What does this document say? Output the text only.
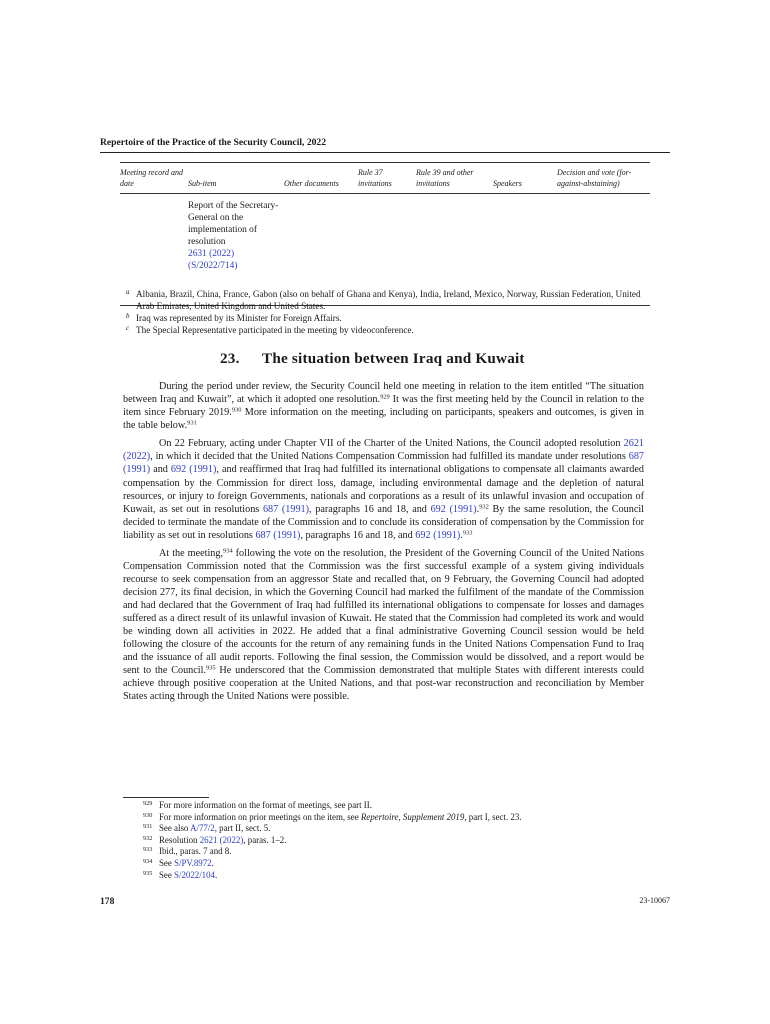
Repertoire of the Practice of the Security Council, 2022
Meeting record and date	Sub-item	Other documents	Rule 37 invitations	Rule 39 and other invitations	Speakers	Decision and vote (for-against-abstaining)
	Report of the Secretary-General on the implementation of resolution
2631 (2022)
(S/2022/714)					
a Albania, Brazil, China, France, Gabon (also on behalf of Ghana and Kenya), India, Ireland, Mexico, Norway, Russian Federation, United Arab Emirates, United Kingdom and United States.
b Iraq was represented by its Minister for Foreign Affairs.
c The Special Representative participated in the meeting by videoconference.
23. The situation between Iraq and Kuwait

During the period under review, the Security Council held one meeting in relation to the item entitled “The situation between Iraq and Kuwait”, at which it adopted one resolution.$^{929}$ It was the first meeting held by the Council in relation to the item since February 2019.$^{930}$ More information on the meeting, including on participants, speakers and outcomes, is given in the table below.$^{931}$

On 22 February, acting under Chapter VII of the Charter of the United Nations, the Council adopted resolution 2621 (2022), in which it decided that the United Nations Compensation Commission had fulfilled its mandate under resolutions 687 (1991) and 692 (1991), and reaffirmed that Iraq had fulfilled its international obligations to compensate all claimants awarded compensation by the Commission for direct loss, damage, including environmental damage and the depletion of natural resources, or injury to foreign Governments, nationals and corporations as a result of its unlawful invasion and occupation of Kuwait, as set out in resolutions 687 (1991), paragraphs 16 and 18, and 692 (1991).$^{932}$ By the same resolution, the Council decided to terminate the mandate of the Commission and to conclude its consideration of compensation by the Commission for liability as set out in resolutions 687 (1991), paragraphs 16 and 18, and 692 (1991).$^{933}$

At the meeting,$^{934}$ following the vote on the resolution, the President of the Governing Council of the United Nations Compensation Commission noted that the Commission was the first successful example of a system giving individuals recourse to seek compensation from an aggressor State and recalled that, on 9 February, the Governing Council had adopted decision 277, its final decision, in which the Governing Council had marked the fulfilment of the mandate of the Commission and had declared that the Government of Iraq had fulfilled its international obligations to compensate for losses and damages suffered as a direct result of its unlawful invasion of Kuwait. He stated that the Commission had completed its work and would be winding down all activities in 2022. He added that a final administrative Governing Council session would be held following the closure of the accounts for the return of any remaining funds in the United Nations Compensation Fund to Iraq and the issuance of all audit reports. Following the final session, the Commission would be dissolved, and a report would be sent to the Council.$^{935}$ He underscored that the Commission demonstrated that multiple States with different interests could achieve through positive cooperation at the United Nations, and that post-war reconstruction and reconciliation by Member States acting through the United Nations were possible.

929 For more information on the format of meetings, see part II.
930 For more information on prior meetings on the item, see Repertoire, Supplement 2019, part I, sect. 23.
931 See also A/77/2, part II, sect. 5.
932 Resolution 2621 (2022), paras. 1–2.
933 Ibid., paras. 7 and 8.
934 See S/PV.8972.
935 See S/2022/104.
178	23-10067
